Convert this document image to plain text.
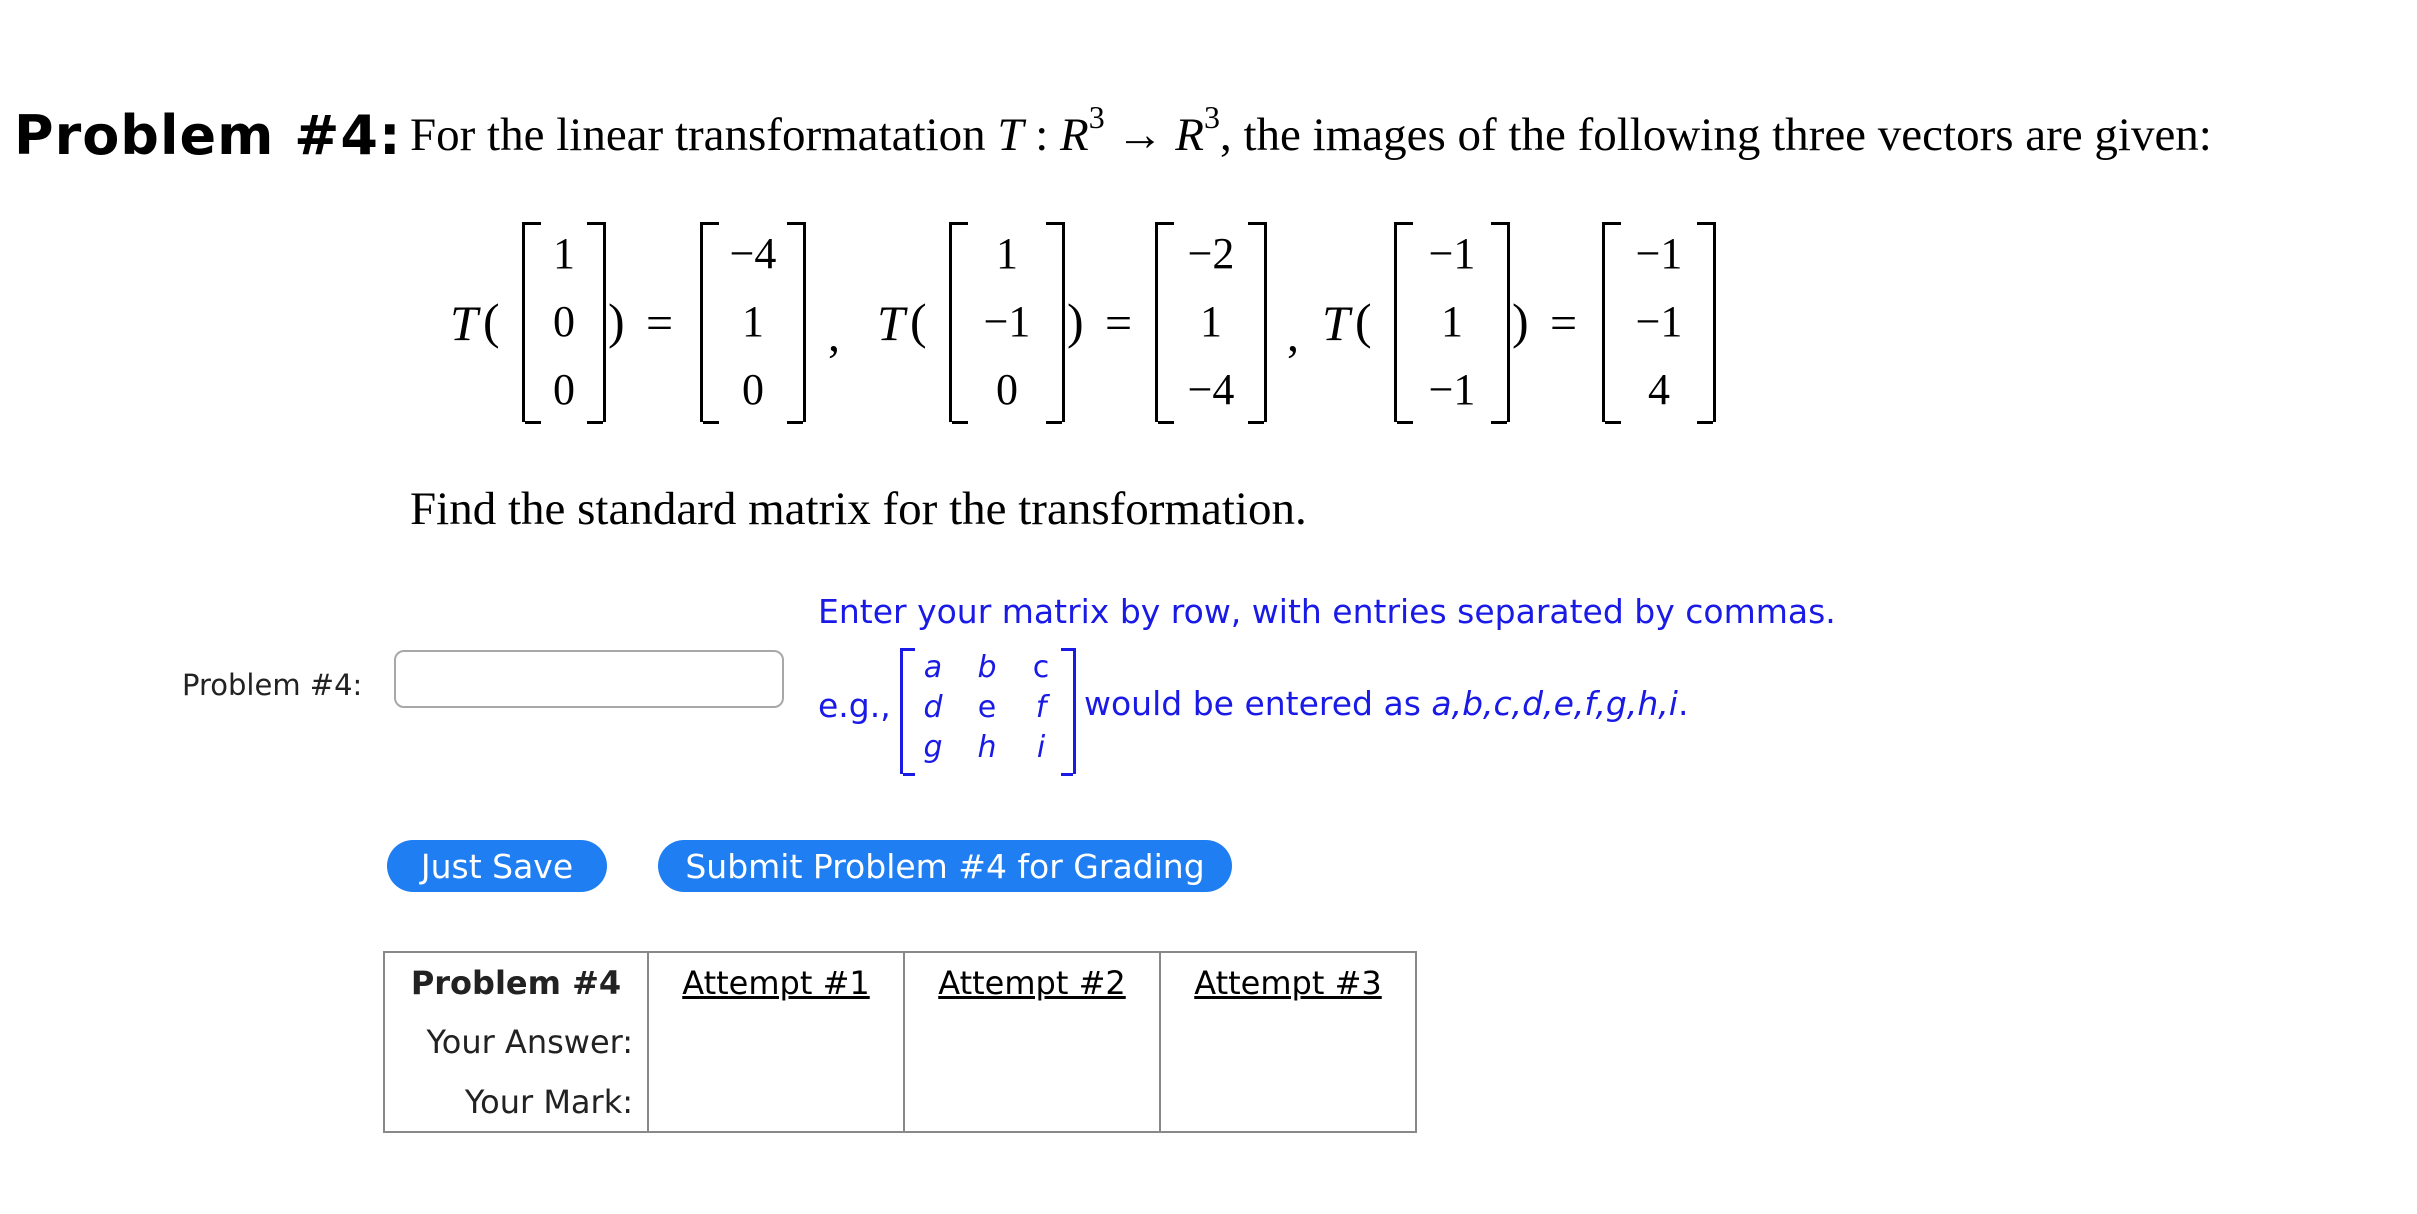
Problem #4: For the linear transformatation T : $R^3 \to R^3$, the images of the following three vectors are given:
T (
1
0
0
) =
−4
1
0
, T (
1
−1
0
) =
−2
1
−4
, T (
−1
1
−1
) =
−1
−1
4
Find the standard matrix for the transformation.
Enter your matrix by row, with entries separated by commas.
e.g.,
a	b	c
d	e	f
g	h	i
would be entered as a,b,c,d,e,f,g,h,i.
Problem #4:
Just Save	Submit Problem #4 for Grading
Problem #4	Attempt #1	Attempt #2	Attempt #3
Your Answer:			
Your Mark:			
